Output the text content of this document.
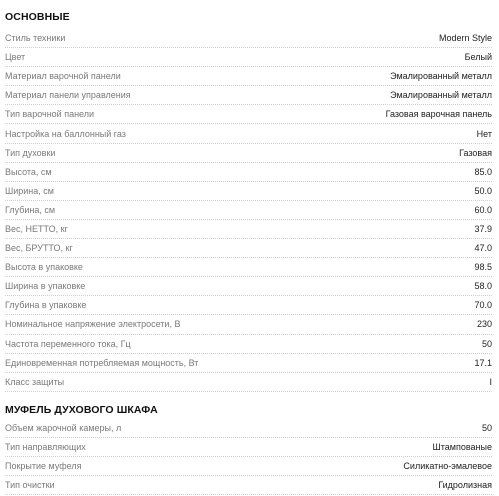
ОСНОВНЫЕ
Стиль техники	Modern Style
Цвет	Белый
Материал варочной панели	Эмалированный металл
Материал панели управления	Эмалированный металл
Тип варочной панели	Газовая варочная панель
Настройка на баллонный газ	Нет
Тип духовки	Газовая
Высота, см	85.0
Ширина, см	50.0
Глубина, см	60.0
Вес, НЕТТО, кг	37.9
Вес, БРУТТО, кг	47.0
Высота в упаковке	98.5
Ширина в упаковке	58.0
Глубина в упаковке	70.0
Номинальное напряжение электросети, В	230
Частота переменного тока, Гц	50
Единовременная потребляемая мощность, Вт	17.1
Класс защиты	I
МУФЕЛЬ ДУХОВОГО ШКАФА
Объем жарочной камеры, л	50
Тип направляющих	Штампованые
Покрытие муфеля	Силикатно-эмалевое
Тип очистки	Гидролизная
